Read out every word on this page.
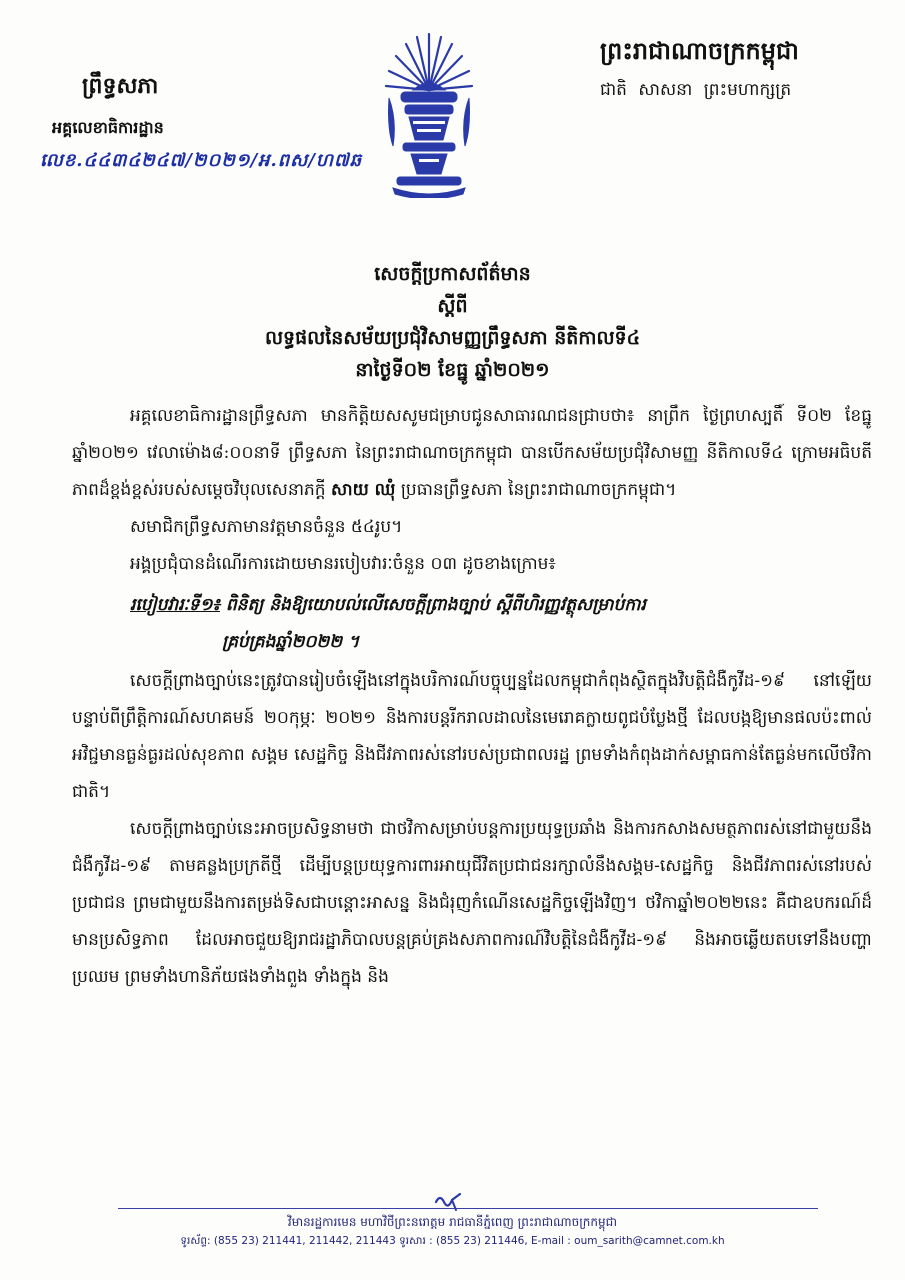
ព្រឹទ្ធសភា
អគ្គលេខាធិការដ្ឋាន
លេខ.៤៤៣៤២៤៧/២០២១/អ.ពស/ហ៧ឆ
ព្រះរាជាណាចក្រកម្ពុជា
ជាតិ សាសនា ព្រះមហាក្សត្រ
សេចក្ដីប្រកាសព័ត៌មាន
ស្ដីពី
លទ្ធផលនៃសម័យប្រជុំវិសាមញ្ញព្រឹទ្ធសភា នីតិកាលទី៤
នាថ្ងៃទី០២ ខែធ្នូ ឆ្នាំ២០២១

អគ្គលេខាធិការដ្ឋានព្រឹទ្ធសភា មានកិត្តិយសសូមជម្រាបជូនសាធារណជនជ្រាបថា៖ នាព្រឹក ថ្ងៃព្រហស្បតិ៍ ទី០២ ខែធ្នូ ឆ្នាំ២០២១ វេលាម៉ោង៨:០០នាទី ព្រឹទ្ធសភា នៃព្រះរាជាណាចក្រកម្ពុជា បានបើកសម័យប្រជុំវិសាមញ្ញ នីតិកាលទី៤ ក្រោមអធិបតីភាពដ៏ខ្ពង់ខ្ពស់របស់សម្ដេចវិបុលសេនាភក្ដី សាយ ឈុំ ប្រធានព្រឹទ្ធសភា នៃព្រះរាជាណាចក្រកម្ពុជា។

សមាជិកព្រឹទ្ធសភាមានវត្តមានចំនួន ៥៤រូប។

អង្គប្រជុំបានដំណើរការដោយមានរបៀបវារៈចំនួន ០៣ ដូចខាងក្រោម៖

របៀបវារៈទី១៖ ពិនិត្យ និងឱ្យយោបល់លើសេចក្ដីព្រាងច្បាប់ ស្ដីពីហិរញ្ញវត្ថុសម្រាប់ការ

គ្រប់គ្រងឆ្នាំ២០២២ ។

សេចក្ដីព្រាងច្បាប់នេះត្រូវបានរៀបចំឡើងនៅក្នុងបរិការណ៍បច្ចុប្បន្នដែលកម្ពុជាកំពុងស្ថិតក្នុងវិបត្តិជំងឺកូវីដ-១៩ នៅឡើយ បន្ទាប់ពីព្រឹត្តិការណ៍សហគមន៍ ២០កុម្ភៈ ២០២១ និងការបន្តរីករាលដាលនៃមេរោគក្លាយពូជបំប្លែងថ្មី ដែលបង្កឱ្យមានផលប៉ះពាល់អវិជ្ជមានធ្ងន់ធ្ងរដល់សុខភាព សង្គម សេដ្ឋកិច្ច និងជីវភាពរស់នៅរបស់ប្រជាពលរដ្ឋ ព្រមទាំងកំពុងដាក់សម្ពាធកាន់តែធ្ងន់មកលើថវិកាជាតិ។

សេចក្ដីព្រាងច្បាប់នេះអាចប្រសិទ្ធនាមថា ជាថវិកាសម្រាប់បន្តការប្រយុទ្ធប្រឆាំង និងការកសាងសមត្ថភាពរស់នៅជាមួយនឹងជំងឺកូវីដ-១៩ តាមគន្លងប្រក្រតីថ្មី ដើម្បីបន្តប្រយុទ្ធការពារអាយុជីវិតប្រជាជនរក្សាលំនឹងសង្គម-សេដ្ឋកិច្ច និងជីវភាពរស់នៅរបស់ប្រជាជន ព្រមជាមួយនឹងការតម្រង់ទិសជាបន្ដោះអាសន្ន និងជំរុញកំណើនសេដ្ឋកិច្ចឡើងវិញ។ ថវិកាឆ្នាំ២០២២នេះ គឺជាឧបករណ៍ដ៏មានប្រសិទ្ធភាព ដែលអាចជួយឱ្យរាជរដ្ឋាភិបាលបន្តគ្រប់គ្រងសភាពការណ៍វិបត្តិនៃជំងឺកូវីដ-១៩ និងអាចឆ្លើយតបទៅនឹងបញ្ហាប្រឈម ព្រមទាំងហានិភ័យផងទាំងពួង ទាំងក្នុង និង

វិមានរដ្ឋការមេន មហាវិថីព្រះនរោត្តម រាជធានីភ្នំពេញ ព្រះរាជាណាចក្រកម្ពុជា
ទូរស័ព្ទ: (855 23) 211441, 211442, 211443 ទូរសារ : (855 23) 211446, E-mail : oum_sarith@camnet.com.kh
